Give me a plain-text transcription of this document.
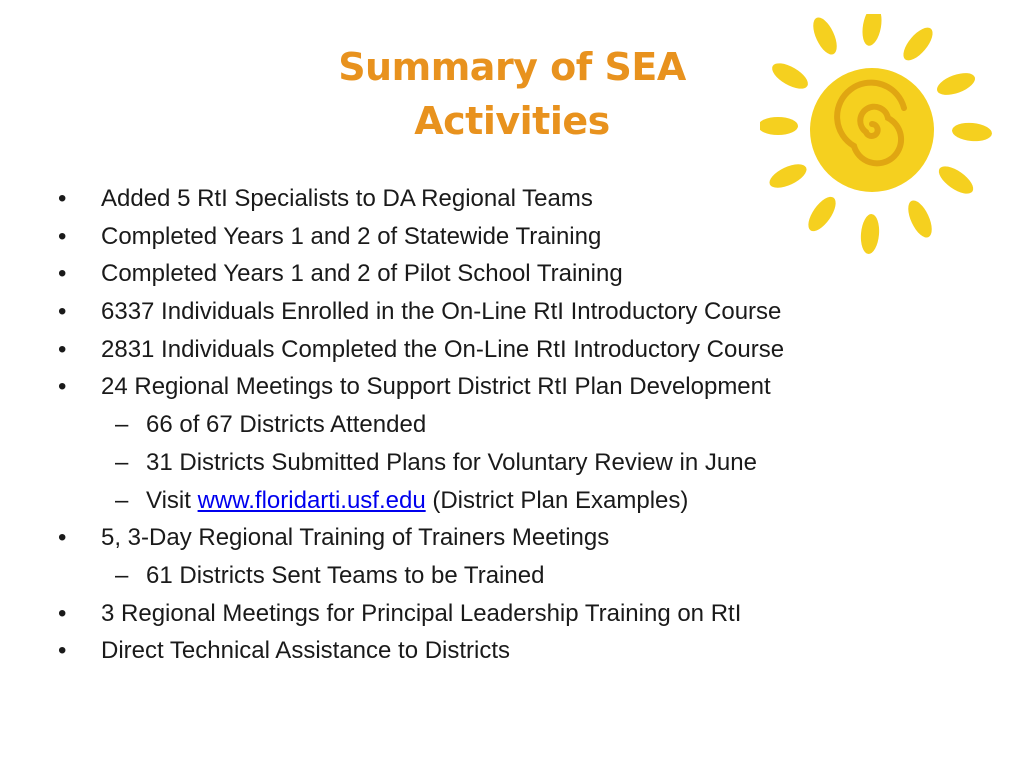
Summary of SEA
Activities
• Added 5 RtI Specialists to DA Regional Teams
• Completed Years 1 and 2 of Statewide Training
• Completed Years 1 and 2 of Pilot School Training
• 6337 Individuals Enrolled in the On-Line RtI Introductory Course
• 2831 Individuals Completed the On-Line RtI Introductory Course
• 24 Regional Meetings to Support District RtI Plan Development
– 66 of 67 Districts Attended
– 31 Districts Submitted Plans for Voluntary Review in June
– Visit www.floridarti.usf.edu (District Plan Examples)
• 5, 3-Day Regional Training of Trainers Meetings
– 61 Districts Sent Teams to be Trained
• 3 Regional Meetings for Principal Leadership Training on RtI
• Direct Technical Assistance to Districts
